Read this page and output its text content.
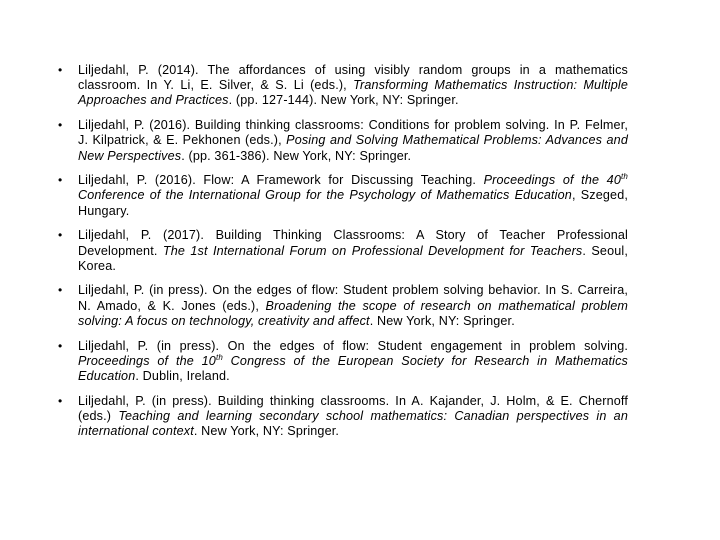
• Liljedahl, P. (2014). The affordances of using visibly random groups in a mathematics classroom. In Y. Li, E. Silver, & S. Li (eds.), Transforming Mathematics Instruction: Multiple Approaches and Practices. (pp. 127-144). New York, NY: Springer.
• Liljedahl, P. (2016). Building thinking classrooms: Conditions for problem solving. In P. Felmer, J. Kilpatrick, & E. Pekhonen (eds.), Posing and Solving Mathematical Problems: Advances and New Perspectives. (pp. 361-386). New York, NY: Springer.
• Liljedahl, P. (2016). Flow: A Framework for Discussing Teaching. Proceedings of the 40th Conference of the International Group for the Psychology of Mathematics Education, Szeged, Hungary.
• Liljedahl, P. (2017). Building Thinking Classrooms: A Story of Teacher Professional Development. The 1st International Forum on Professional Development for Teachers. Seoul, Korea.
• Liljedahl, P. (in press). On the edges of flow: Student problem solving behavior. In S. Carreira, N. Amado, & K. Jones (eds.), Broadening the scope of research on mathematical problem solving: A focus on technology, creativity and affect. New York, NY: Springer.
• Liljedahl, P. (in press). On the edges of flow: Student engagement in problem solving. Proceedings of the 10th Congress of the European Society for Research in Mathematics Education. Dublin, Ireland.
• Liljedahl, P. (in press). Building thinking classrooms. In A. Kajander, J. Holm, & E. Chernoff (eds.) Teaching and learning secondary school mathematics: Canadian perspectives in an international context. New York, NY: Springer.
